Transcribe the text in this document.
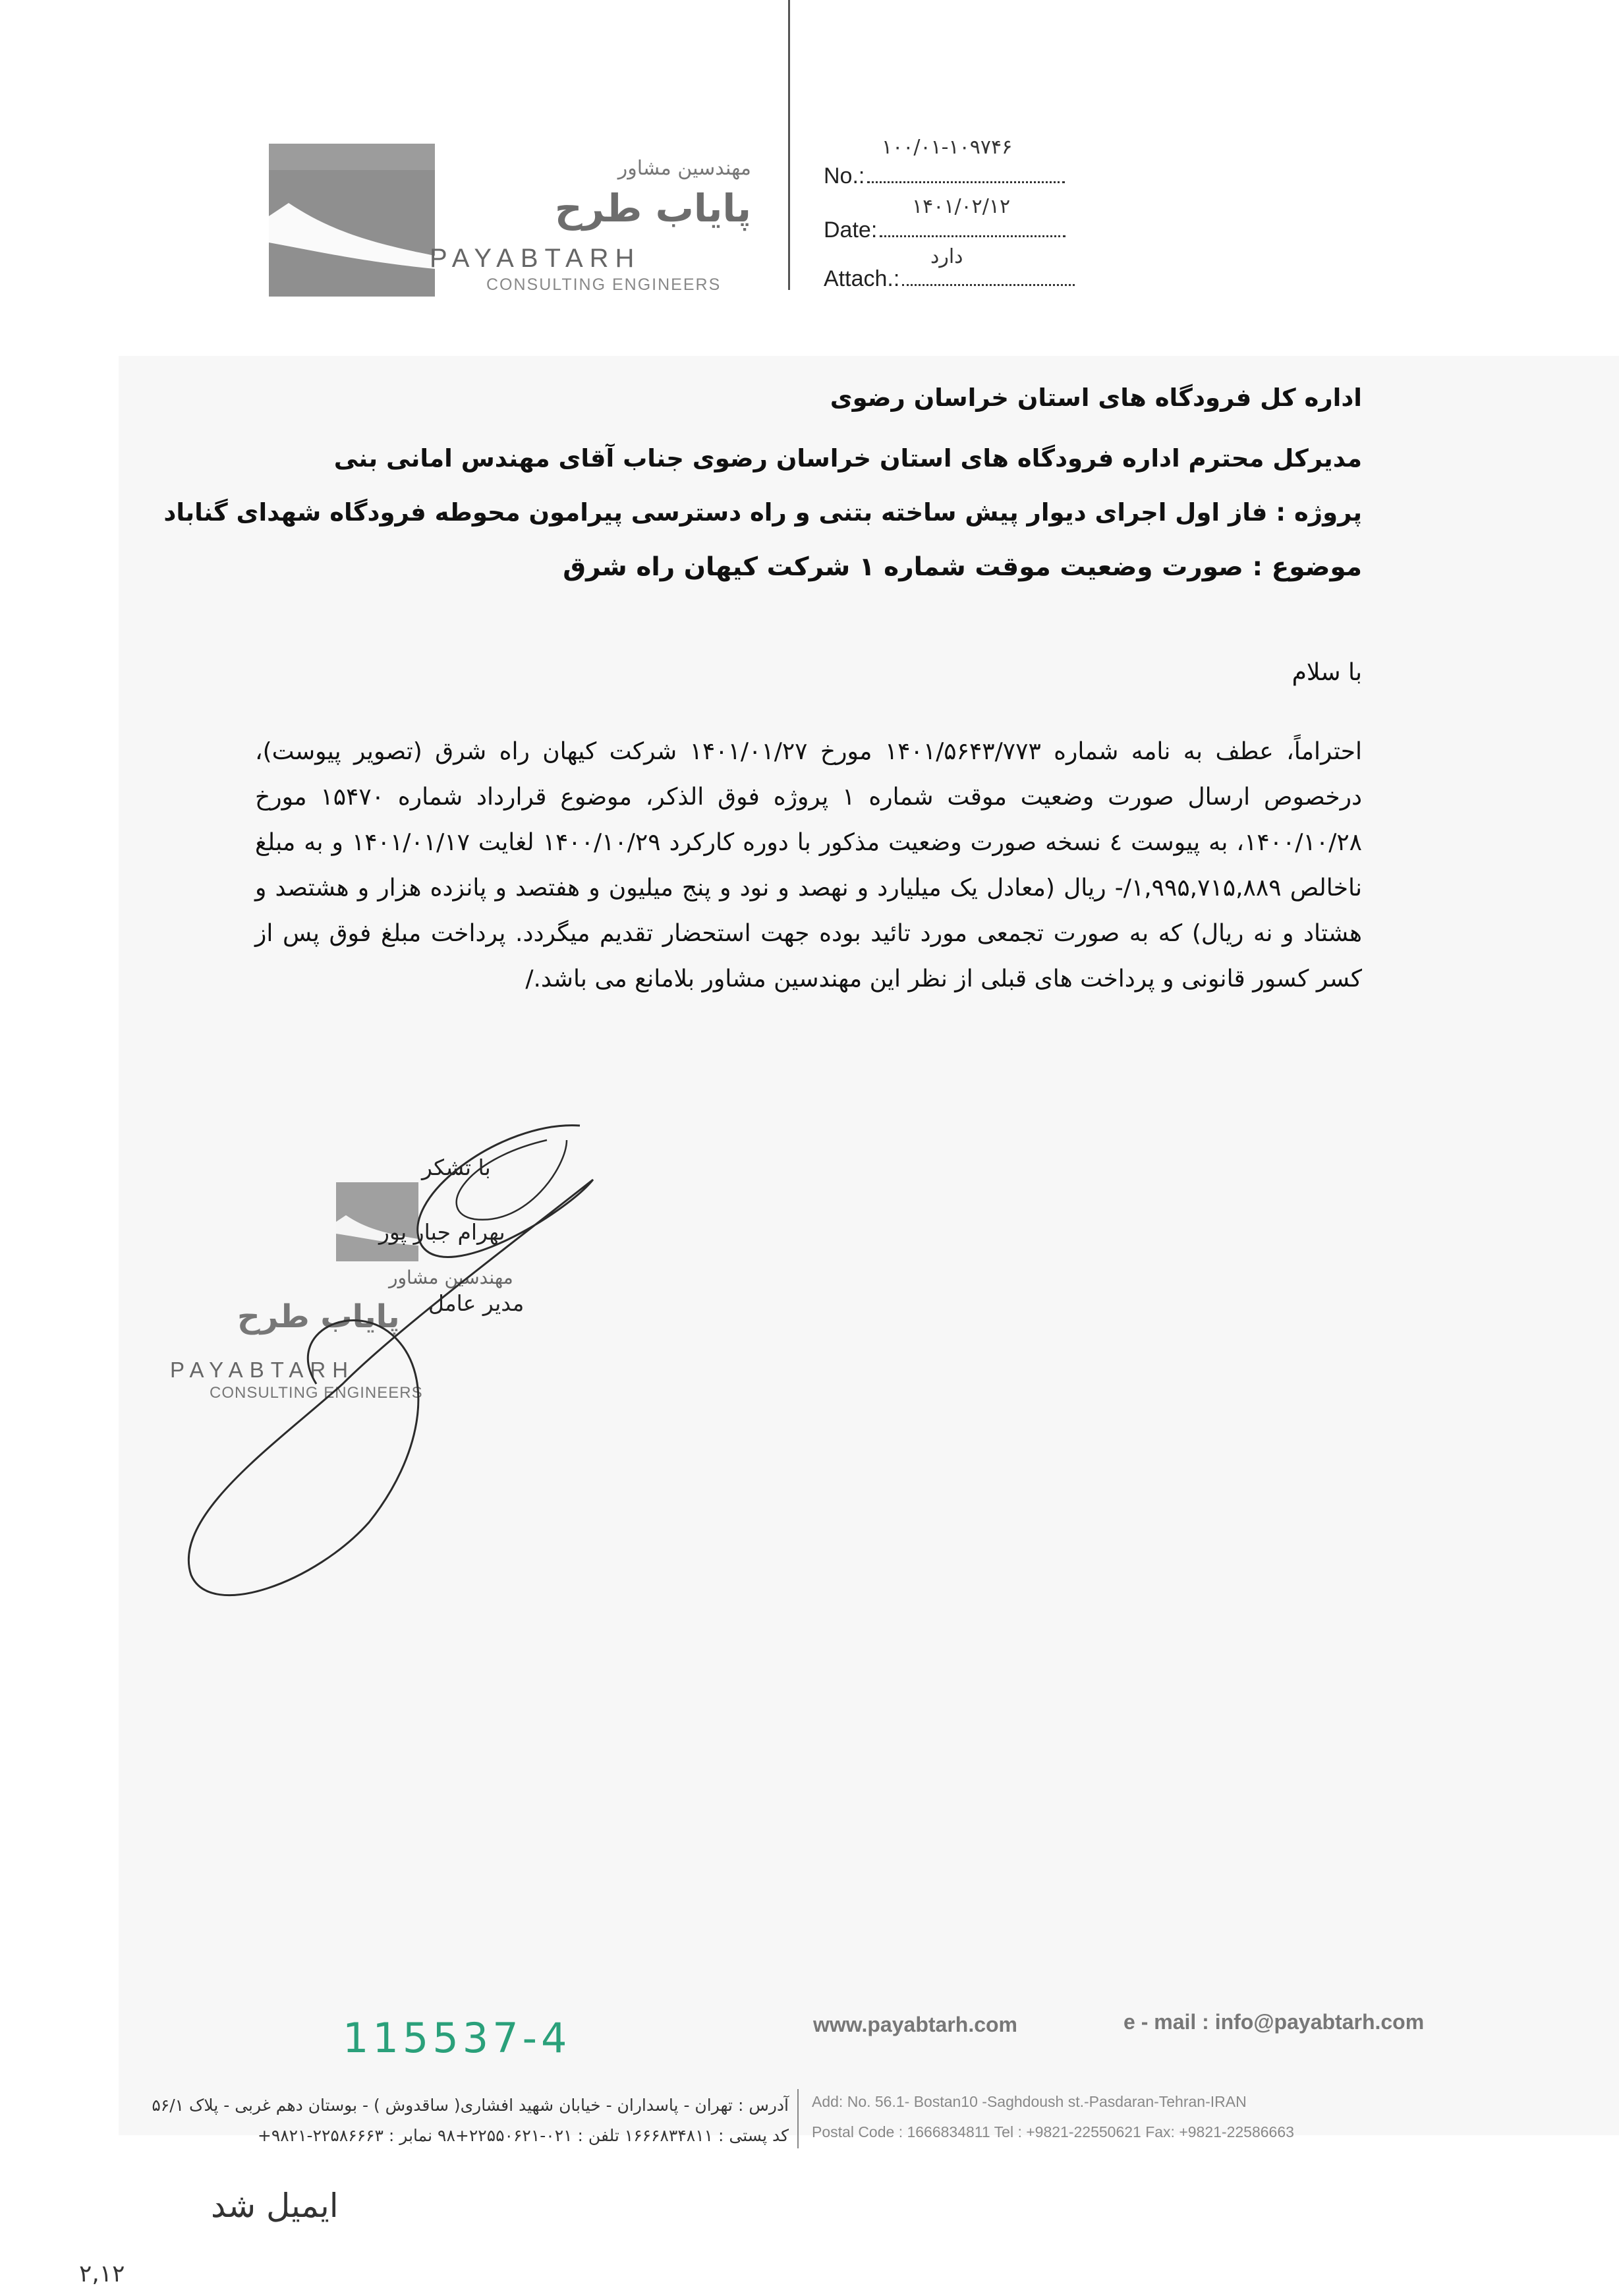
مهندسین مشاور
پایاب طرح
PAYABTARH
CONSULTING ENGINEERS
No.:
۱۰۰/۰۱-۱۰۹۷۴۶
Date:
۱۴۰۱/۰۲/۱۲
Attach.:
دارد
اداره کل فرودگاه های استان خراسان رضوی
مدیرکل محترم اداره فرودگاه های استان خراسان رضوی جناب آقای مهندس امانی بنی
پروژه : فاز اول اجرای دیوار پیش ساخته بتنی و راه دسترسی پیرامون محوطه فرودگاه شهدای گناباد
موضوع : صورت وضعیت موقت شماره ۱ شرکت کیهان راه شرق
با سلام
احتراماً، عطف به نامه شماره ۱۴۰۱/۵۶۴۳/۷۷۳ مورخ ۱۴۰۱/۰۱/۲۷ شرکت کیهان راه شرق (تصویر پیوست)، درخصوص ارسال صورت وضعیت موقت شماره ۱ پروژه فوق الذکر، موضوع قرارداد شماره ۱۵۴۷۰ مورخ ۱۴۰۰/۱۰/۲۸، به پیوست ٤ نسخه صورت وضعیت مذکور با دوره کارکرد ۱۴۰۰/۱۰/۲۹ لغایت ۱۴۰۱/۰۱/۱۷ و به مبلغ ناخالص ۱,۹۹۵,۷۱۵,۸۸۹/- ریال (معادل یک میلیارد و نهصد و نود و پنج میلیون و هفتصد و پانزده هزار و هشتصد و هشتاد و نه ریال) که به صورت تجمعی مورد تائید بوده جهت استحضار تقدیم میگردد. پرداخت مبلغ فوق پس از کسر کسور قانونی و پرداخت های قبلی از نظر این مهندسین مشاور بلامانع می باشد./
با تشکر
بهرام جبار پور
مهندسین مشاور
مدیر عامل
پایاب طرح
PAYABTARH
CONSULTING ENGINEERS
115537-4	www.payabtarh.com	e - mail : info@payabtarh.com
Add: No. 56.1- Bostan10 -Saghdoush st.-Pasdaran-Tehran-IRAN
Postal Code : 1666834811 Tel : +9821-22550621 Fax: +9821-22586663
آدرس : تهران - پاسداران - خیابان شهید افشاری( ساقدوش ) - بوستان دهم غربی - پلاک ۵۶/۱
کد پستی : ۱۶۶۶۸۳۴۸۱۱ تلفن : ۰۲۱-۲۲۵۵۰۶۲۱+۹۸ نمابر : ۲۲۵۸۶۶۶۳-۹۸۲۱+
ایمیل شد
۲,۱۲
